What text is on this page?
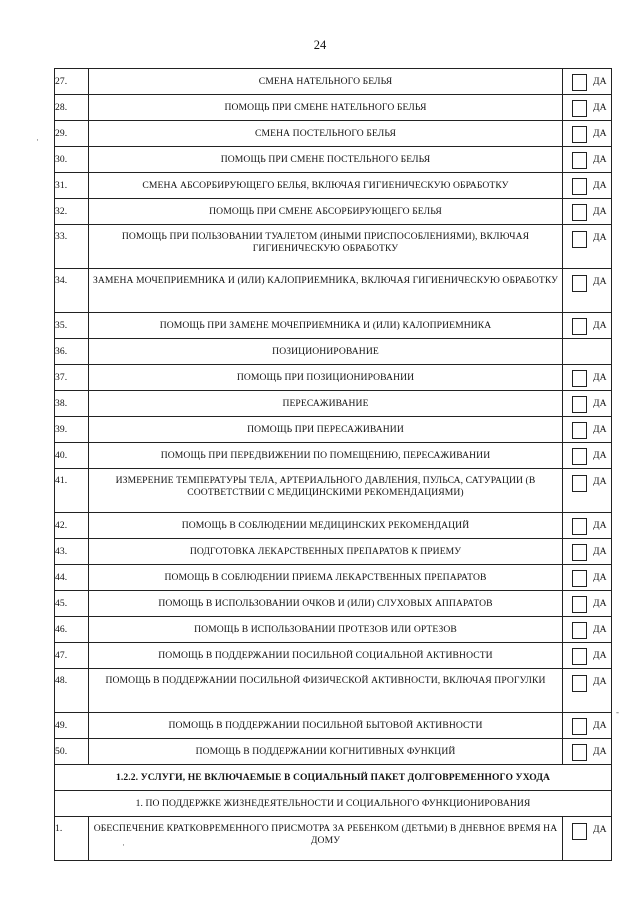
24
27.	СМЕНА НАТЕЛЬНОГО БЕЛЬЯ	ДА

28.	ПОМОЩЬ ПРИ СМЕНЕ НАТЕЛЬНОГО БЕЛЬЯ	ДА

29.	СМЕНА ПОСТЕЛЬНОГО БЕЛЬЯ	ДА

30.	ПОМОЩЬ ПРИ СМЕНЕ ПОСТЕЛЬНОГО БЕЛЬЯ	ДА

31.	СМЕНА АБСОРБИРУЮЩЕГО БЕЛЬЯ, ВКЛЮЧАЯ ГИГИЕНИЧЕСКУЮ ОБРАБОТКУ	ДА

32.	ПОМОЩЬ ПРИ СМЕНЕ АБСОРБИРУЮЩЕГО БЕЛЬЯ	ДА

33.	ПОМОЩЬ ПРИ ПОЛЬЗОВАНИИ ТУАЛЕТОМ (ИНЫМИ ПРИСПОСОБЛЕНИЯМИ), ВКЛЮЧАЯ ГИГИЕНИЧЕСКУЮ ОБРАБОТКУ	ДА

34.	ЗАМЕНА МОЧЕПРИЕМНИКА И (ИЛИ) КАЛОПРИЕМНИКА, ВКЛЮЧАЯ ГИГИЕНИЧЕСКУЮ ОБРАБОТКУ	ДА

35.	ПОМОЩЬ ПРИ ЗАМЕНЕ МОЧЕПРИЕМНИКА И (ИЛИ) КАЛОПРИЕМНИКА	ДА

36.	ПОЗИЦИОНИРОВАНИЕ	
37.	ПОМОЩЬ ПРИ ПОЗИЦИОНИРОВАНИИ	ДА

38.	ПЕРЕСАЖИВАНИЕ	ДА

39.	ПОМОЩЬ ПРИ ПЕРЕСАЖИВАНИИ	ДА

40.	ПОМОЩЬ ПРИ ПЕРЕДВИЖЕНИИ ПО ПОМЕЩЕНИЮ, ПЕРЕСАЖИВАНИИ	ДА

41.	ИЗМЕРЕНИЕ ТЕМПЕРАТУРЫ ТЕЛА, АРТЕРИАЛЬНОГО ДАВЛЕНИЯ, ПУЛЬСА, САТУРАЦИИ (В СООТВЕТСТВИИ С МЕДИЦИНСКИМИ РЕКОМЕНДАЦИЯМИ)	ДА

42.	ПОМОЩЬ В СОБЛЮДЕНИИ МЕДИЦИНСКИХ РЕКОМЕНДАЦИЙ	ДА

43.	ПОДГОТОВКА ЛЕКАРСТВЕННЫХ ПРЕПАРАТОВ К ПРИЕМУ	ДА

44.	ПОМОЩЬ В СОБЛЮДЕНИИ ПРИЕМА ЛЕКАРСТВЕННЫХ ПРЕПАРАТОВ	ДА

45.	ПОМОЩЬ В ИСПОЛЬЗОВАНИИ ОЧКОВ И (ИЛИ) СЛУХОВЫХ АППАРАТОВ	ДА

46.	ПОМОЩЬ В ИСПОЛЬЗОВАНИИ ПРОТЕЗОВ ИЛИ ОРТЕЗОВ	ДА

47.	ПОМОЩЬ В ПОДДЕРЖАНИИ ПОСИЛЬНОЙ СОЦИАЛЬНОЙ АКТИВНОСТИ	ДА

48.	ПОМОЩЬ В ПОДДЕРЖАНИИ ПОСИЛЬНОЙ ФИЗИЧЕСКОЙ АКТИВНОСТИ, ВКЛЮЧАЯ ПРОГУЛКИ	ДА

49.	ПОМОЩЬ В ПОДДЕРЖАНИИ ПОСИЛЬНОЙ БЫТОВОЙ АКТИВНОСТИ	ДА

50.	ПОМОЩЬ В ПОДДЕРЖАНИИ КОГНИТИВНЫХ ФУНКЦИЙ	ДА

1.2.2. УСЛУГИ, НЕ ВКЛЮЧАЕМЫЕ В СОЦИАЛЬНЫЙ ПАКЕТ ДОЛГОВРЕМЕННОГО УХОДА		
1. ПО ПОДДЕРЖКЕ ЖИЗНЕДЕЯТЕЛЬНОСТИ И СОЦИАЛЬНОГО ФУНКЦИОНИРОВАНИЯ		
1.	ОБЕСПЕЧЕНИЕ КРАТКОВРЕМЕННОГО ПРИСМОТРА ЗА РЕБЕНКОМ (ДЕТЬМИ) В ДНЕВНОЕ ВРЕМЯ НА ДОМУ	ДА
·
-
·
